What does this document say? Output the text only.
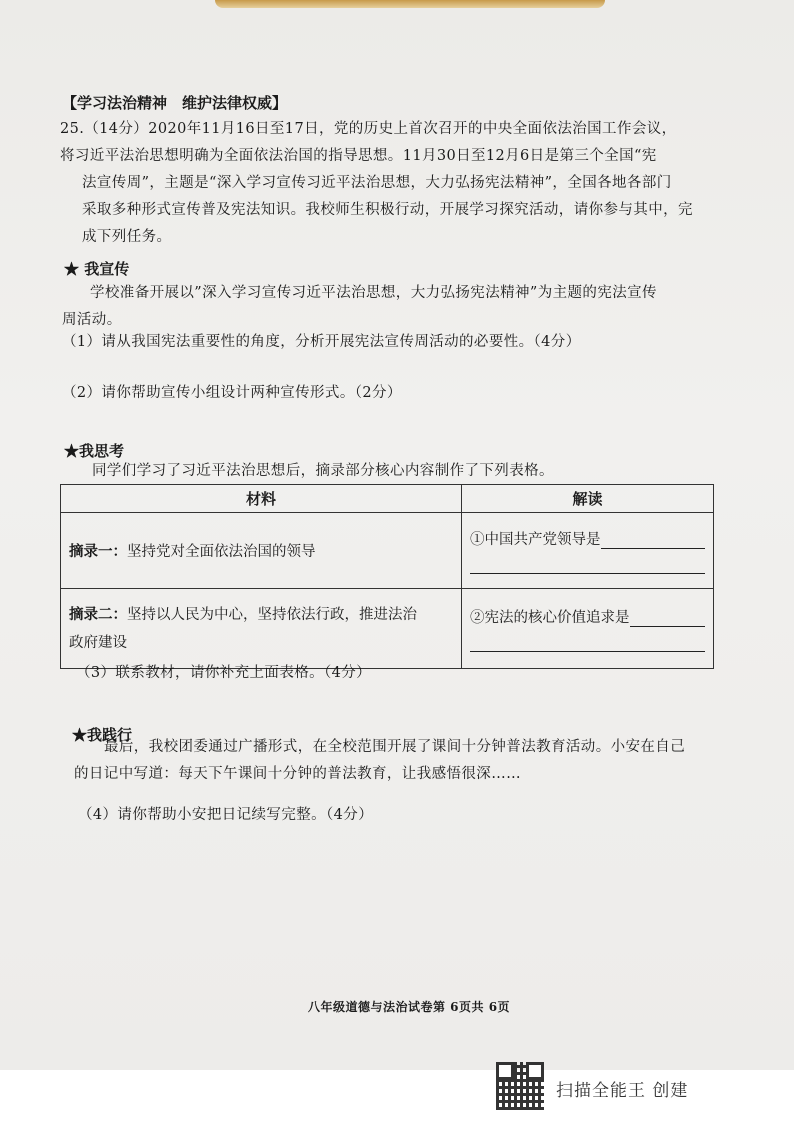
【学习法治精神　维护法律权威】
25.（14分）2020年11月16日至17日，党的历史上首次召开的中央全面依法治国工作会议，
将习近平法治思想明确为全面依法治国的指导思想。11月30日至12月6日是第三个全国“宪
法宣传周”，主题是“深入学习宣传习近平法治思想，大力弘扬宪法精神”，全国各地各部门
采取多种形式宣传普及宪法知识。我校师生积极行动，开展学习探究活动，请你参与其中，完
成下列任务。
★ 我宣传
学校准备开展以”深入学习宣传习近平法治思想，大力弘扬宪法精神”为主题的宪法宣传
周活动。
（1）请从我国宪法重要性的角度，分析开展宪法宣传周活动的必要性。（4分）
（2）请你帮助宣传小组设计两种宣传形式。（2分）
★我思考
同学们学习了习近平法治思想后，摘录部分核心内容制作了下列表格。
材料	解读
摘录一：坚持党对全面依法治国的领导	①中国共产党领导是

摘录二：坚持以人民为中心，坚持依法行政，推进法治
政府建设	②宪法的核心价值追求是
（3）联系教材，请你补充上面表格。（4分）
★我践行
最后，我校团委通过广播形式，在全校范围开展了课间十分钟普法教育活动。小安在自己
的日记中写道：每天下午课间十分钟的普法教育，让我感悟很深……
（4）请你帮助小安把日记续写完整。（4分）
八年级道德与法治试卷第 6页共 6页
扫描全能王 创建
